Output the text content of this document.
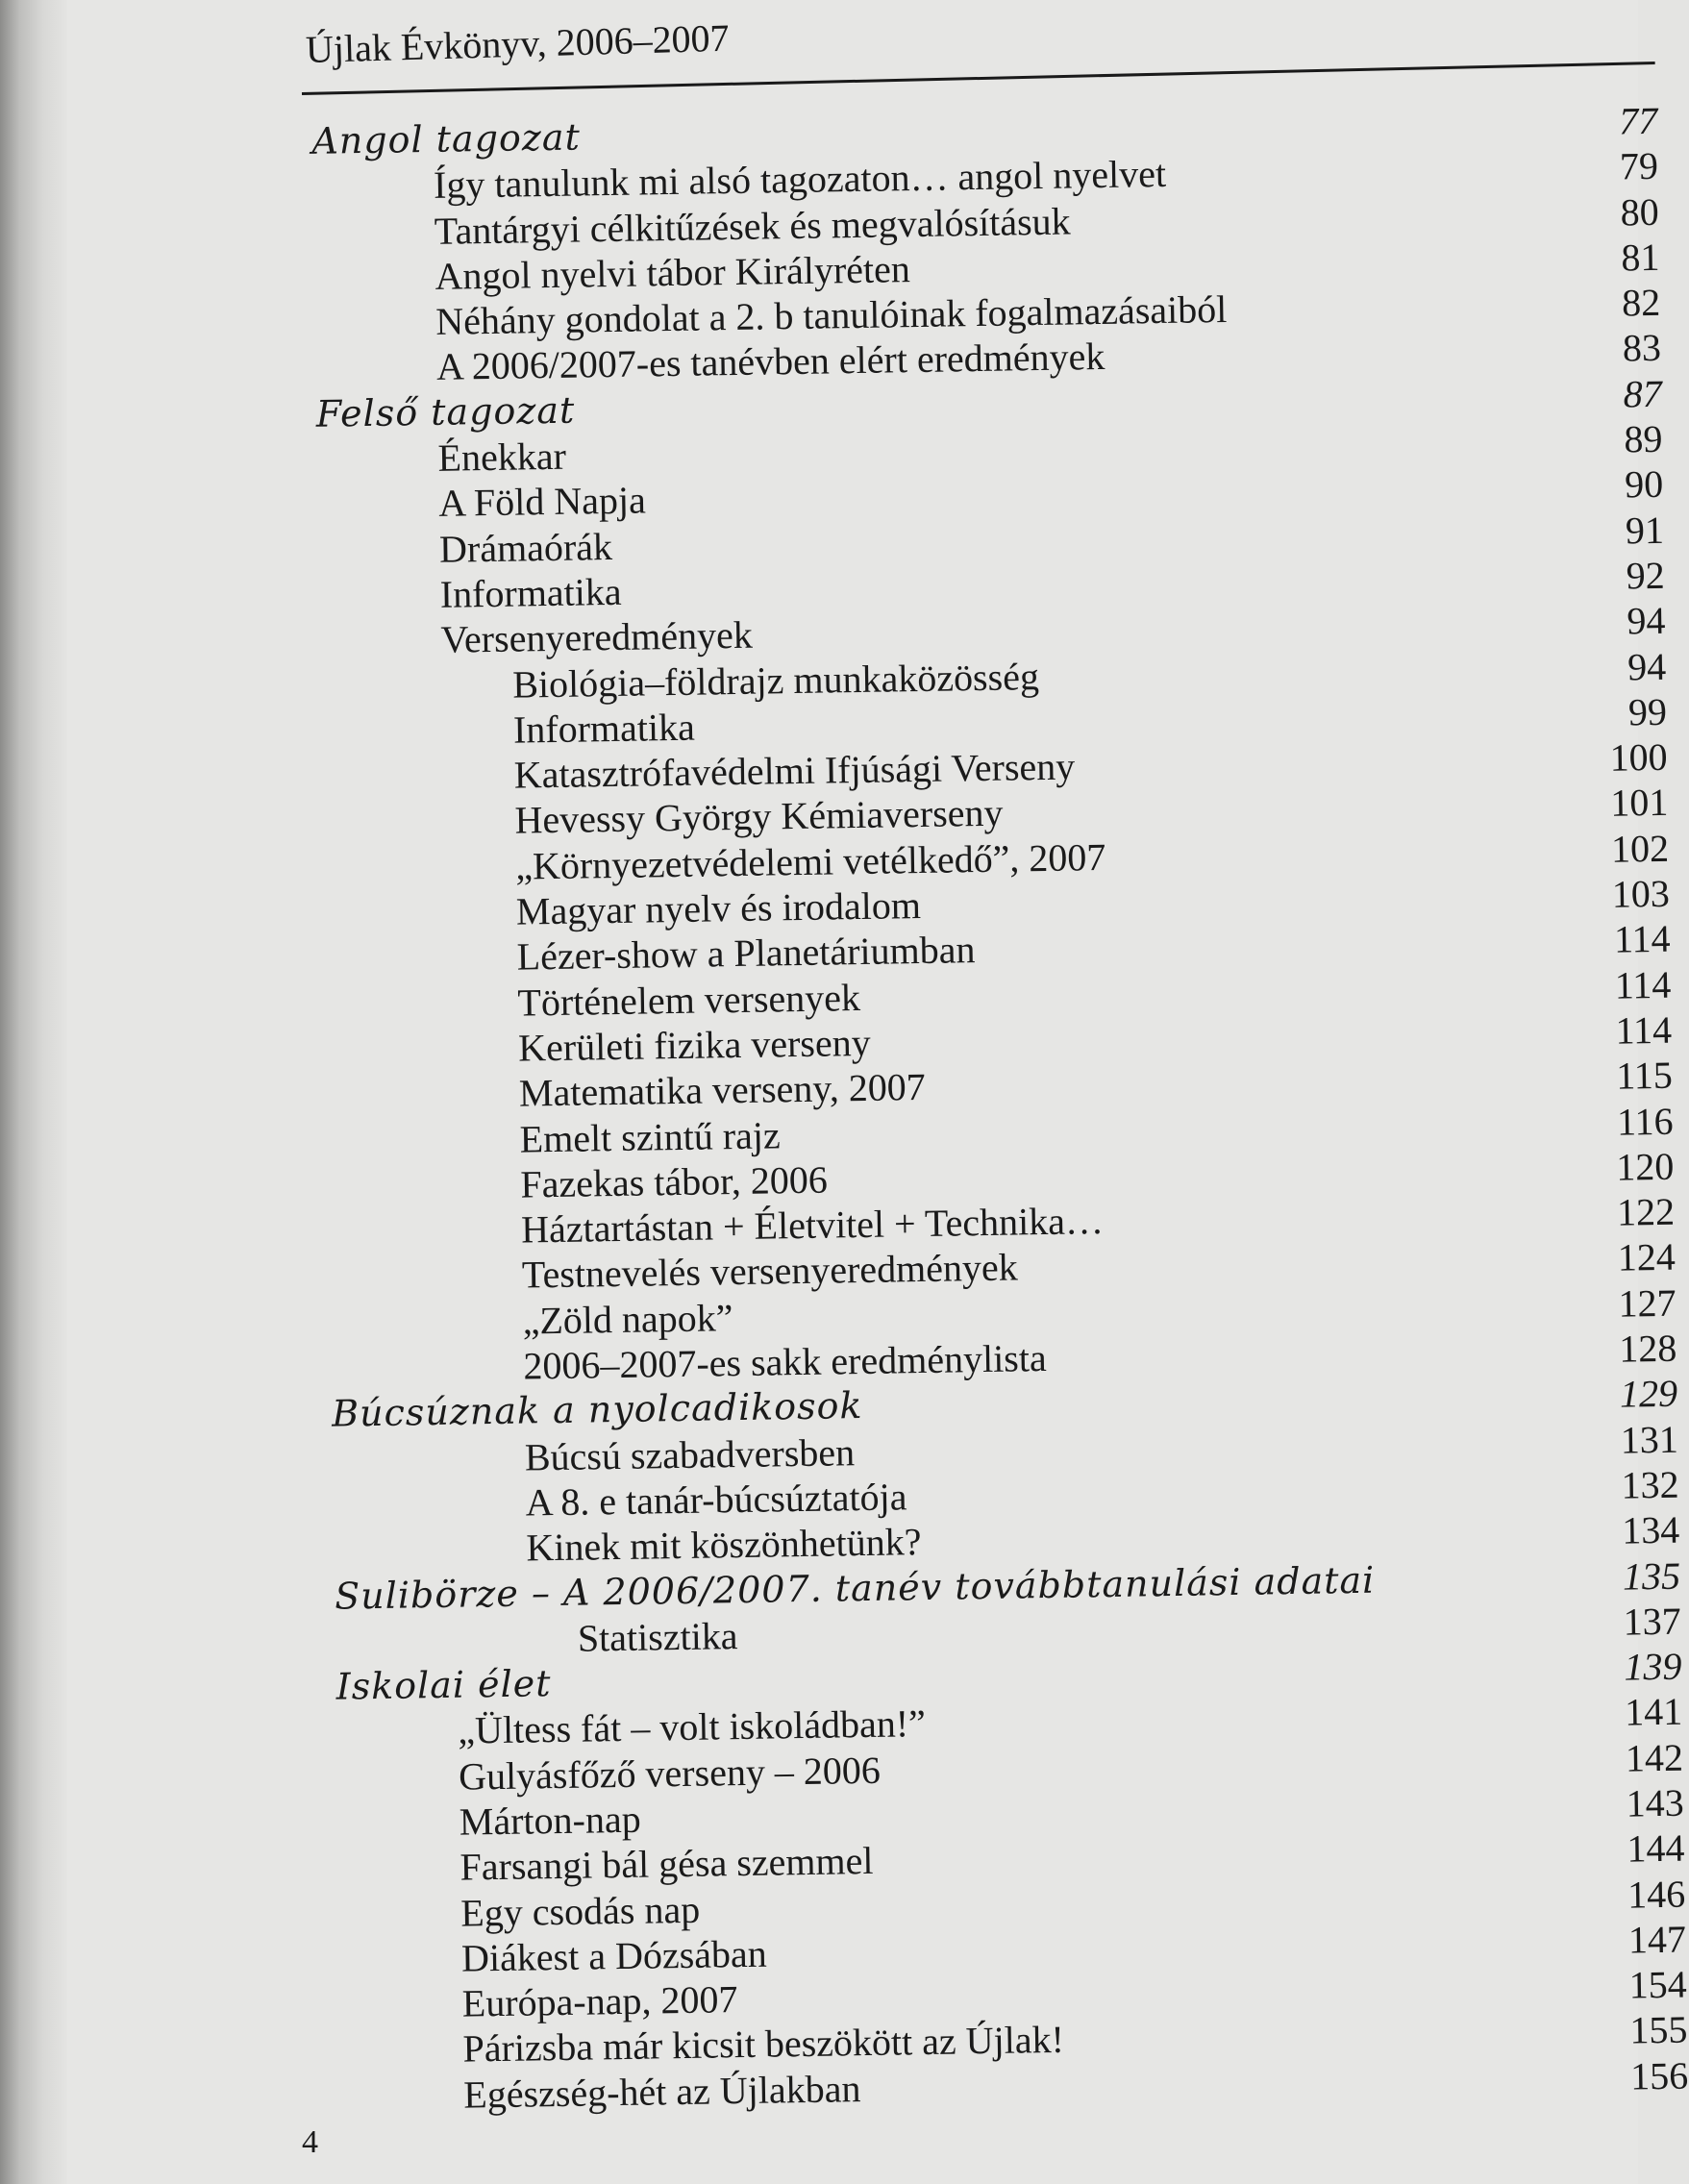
Újlak Évkönyv, 2006–2007
Angol tagozat	77
Így tanulunk mi alsó tagozaton… angol nyelvet	79
Tantárgyi célkitűzések és megvalósításuk	80
Angol nyelvi tábor Királyréten	81
Néhány gondolat a 2. b tanulóinak fogalmazásaiból	82
A 2006/2007-es tanévben elért eredmények	83
Felső tagozat	87
Énekkar	89
A Föld Napja	90
Drámaórák	91
Informatika	92
Versenyeredmények	94
Biológia–földrajz munkaközösség	94
Informatika	99
Katasztrófavédelmi Ifjúsági Verseny	100
Hevessy György Kémiaverseny	101
„Környezetvédelemi vetélkedő”, 2007	102
Magyar nyelv és irodalom	103
Lézer-show a Planetáriumban	114
Történelem versenyek	114
Kerületi fizika verseny	114
Matematika verseny, 2007	115
Emelt szintű rajz	116
Fazekas tábor, 2006	120
Háztartástan + Életvitel + Technika…	122
Testnevelés versenyeredmények	124
„Zöld napok”	127
2006–2007-es sakk eredménylista	128
Búcsúznak a nyolcadikosok	129
Búcsú szabadversben	131
A 8. e tanár-búcsúztatója	132
Kinek mit köszönhetünk?	134
Sulibörze – A 2006/2007. tanév továbbtanulási adatai	135
Statisztika	137
Iskolai élet	139
„Ültess fát – volt iskoládban!”	141
Gulyásfőző verseny – 2006	142
Márton-nap	143
Farsangi bál gésa szemmel	144
Egy csodás nap	146
Diákest a Dózsában	147
Európa-nap, 2007	154
Párizsba már kicsit beszökött az Újlak!	155
Egészség-hét az Újlakban	156
4
